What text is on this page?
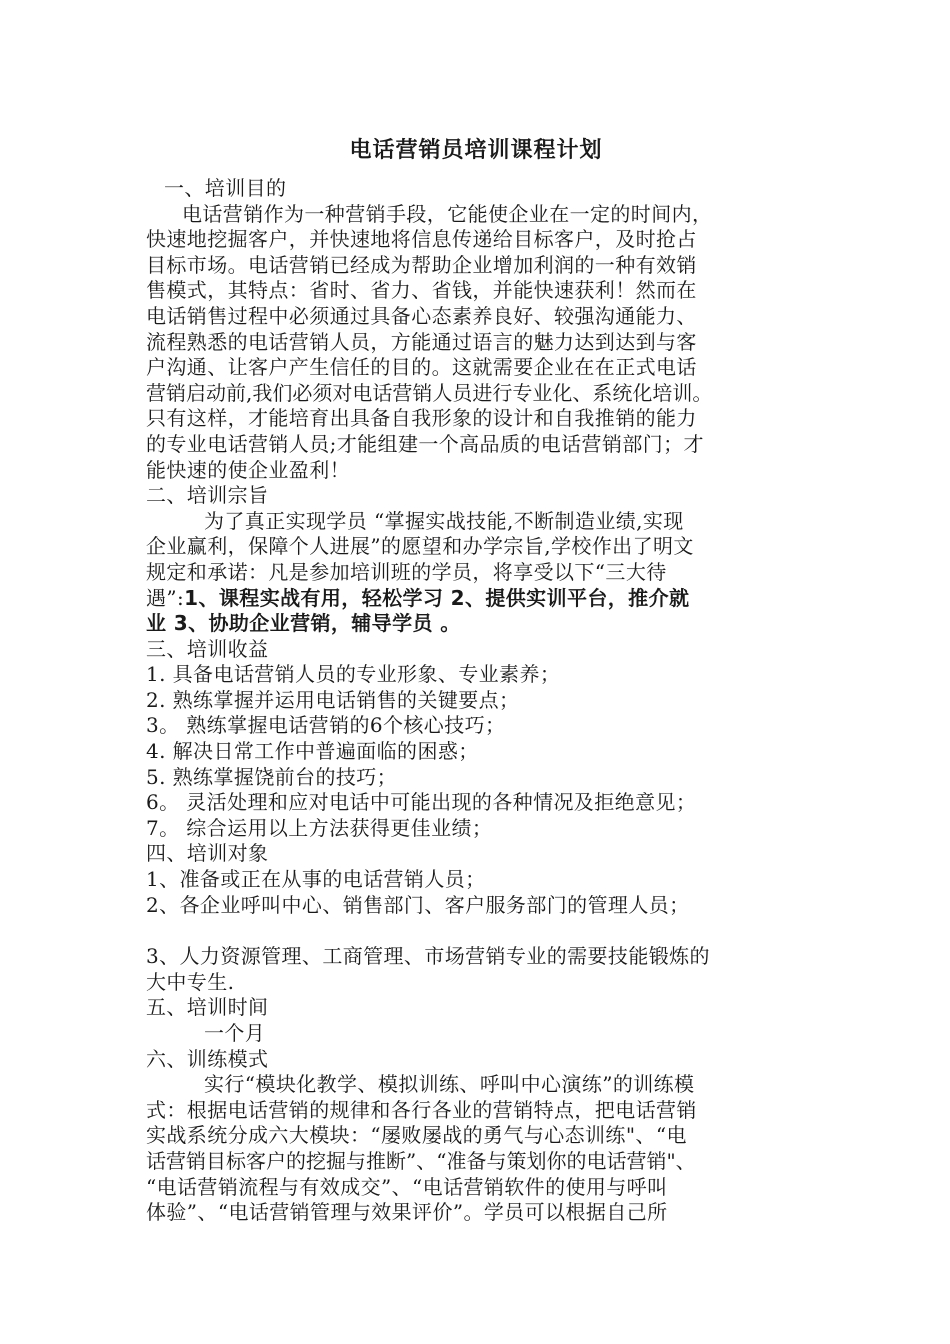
电话营销员培训课程计划
一、培训目的
电话营销作为一种营销手段，它能使企业在一定的时间内，
快速地挖掘客户，并快速地将信息传递给目标客户，及时抢占
目标市场。电话营销已经成为帮助企业增加利润的一种有效销
售模式，其特点：省时、省力、省钱，并能快速获利！然而在
电话销售过程中必须通过具备心态素养良好、较强沟通能力、
流程熟悉的电话营销人员，方能通过语言的魅力达到达到与客
户沟通、让客户产生信任的目的。这就需要企业在在正式电话
营销启动前,我们必须对电话营销人员进行专业化、系统化培训。
只有这样，才能培育出具备自我形象的设计和自我推销的能力
的专业电话营销人员;才能组建一个高品质的电话营销部门；才
能快速的使企业盈利！
二、培训宗旨
为了真正实现学员 “掌握实战技能,不断制造业绩,实现
企业赢利，保障个人进展”的愿望和办学宗旨,学校作出了明文
规定和承诺：凡是参加培训班的学员，将享受以下“三大待
遇”:1、课程实战有用，轻松学习 2、提供实训平台，推介就
业 3、协助企业营销，辅导学员 。
三、培训收益
1. 具备电话营销人员的专业形象、专业素养；
2. 熟练掌握并运用电话销售的关键要点；
3。 熟练掌握电话营销的6个核心技巧；
4. 解决日常工作中普遍面临的困惑；
5. 熟练掌握饶前台的技巧；
6。 灵活处理和应对电话中可能出现的各种情况及拒绝意见；
7。 综合运用以上方法获得更佳业绩；
四、培训对象
1、准备或正在从事的电话营销人员；
2、各企业呼叫中心、销售部门、客户服务部门的管理人员；
3、人力资源管理、工商管理、市场营销专业的需要技能锻炼的
大中专生.
五、培训时间
一个月
六、训练模式
实行“模块化教学、模拟训练、呼叫中心演练”的训练模
式：根据电话营销的规律和各行各业的营销特点，把电话营销
实战系统分成六大模块：“屡败屡战的勇气与心态训练"、“电
话营销目标客户的挖掘与推断”、“准备与策划你的电话营销"、
“电话营销流程与有效成交”、“电话营销软件的使用与呼叫
体验”、“电话营销管理与效果评价”。学员可以根据自己所
